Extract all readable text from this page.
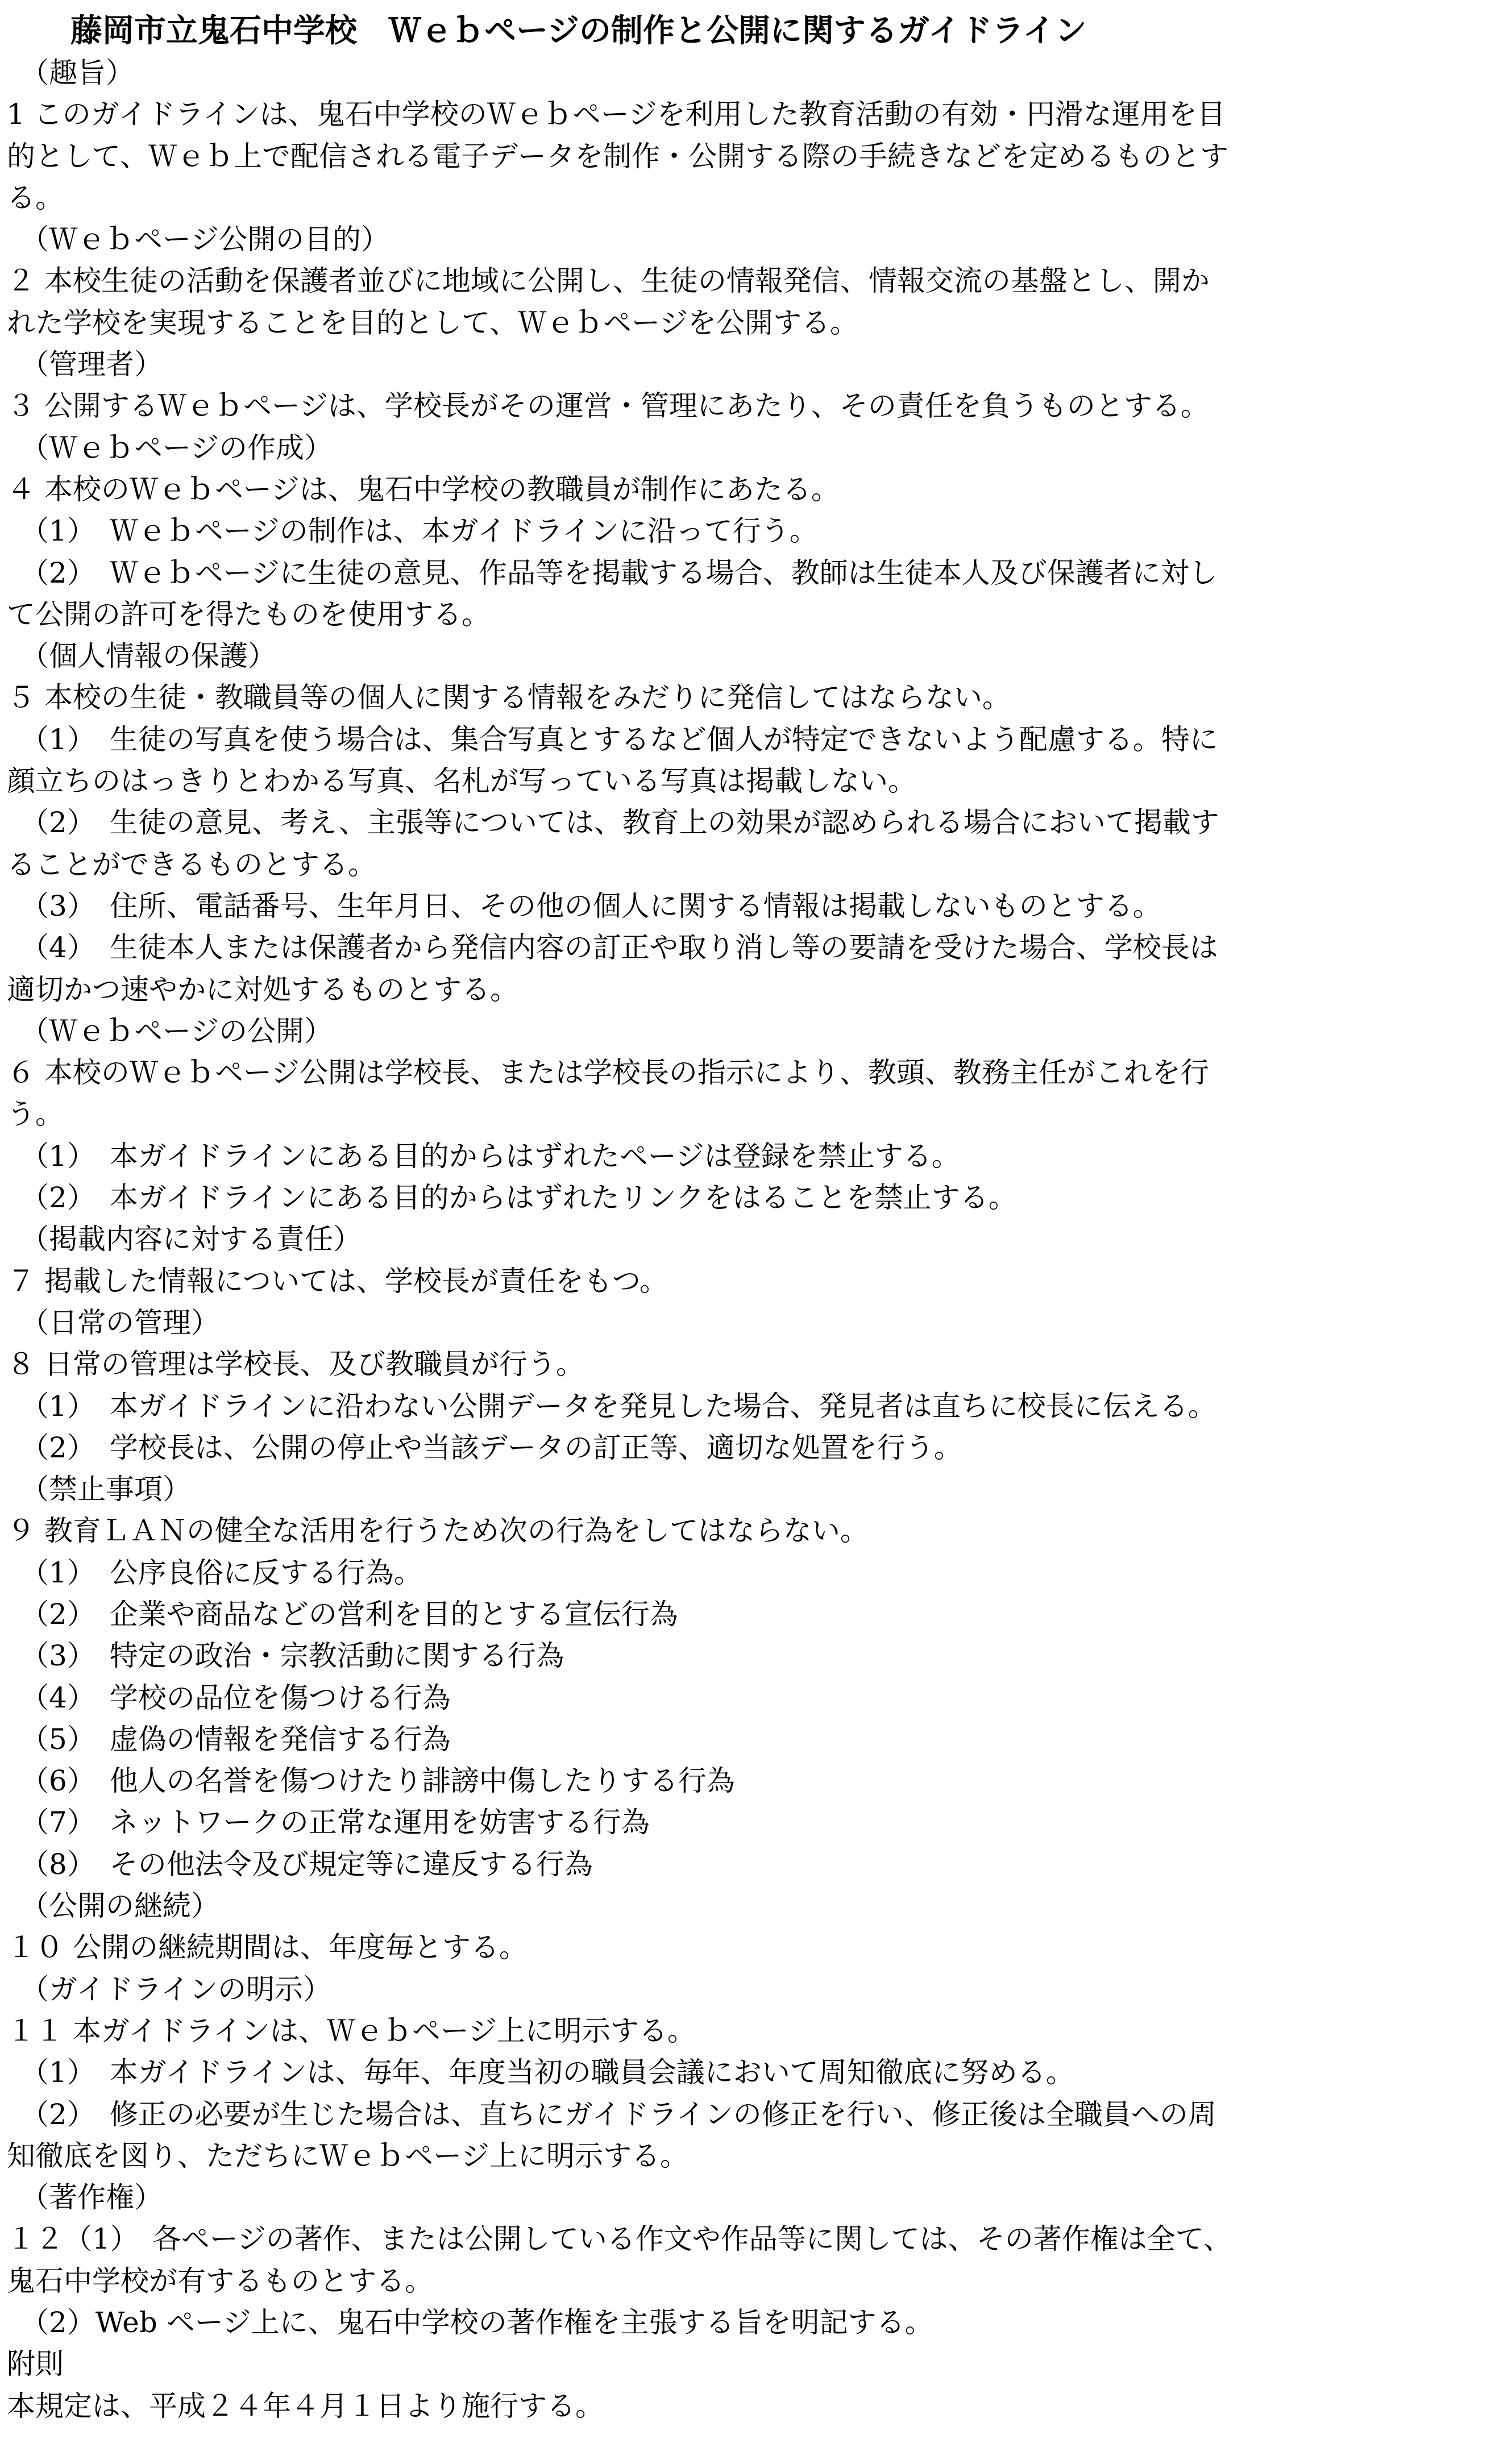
藤岡市立鬼石中学校　Ｗｅｂページの制作と公開に関するガイドライン
（趣旨）
1 このガイドラインは、鬼石中学校のＷｅｂページを利用した教育活動の有効・円滑な運用を目
的として、Ｗｅｂ上で配信される電子データを制作・公開する際の手続きなどを定めるものとす
る。
（Ｗｅｂページ公開の目的）
２ 本校生徒の活動を保護者並びに地域に公開し、生徒の情報発信、情報交流の基盤とし、開か
れた学校を実現することを目的として、Ｗｅｂページを公開する。
（管理者）
３ 公開するＷｅｂページは、学校長がその運営・管理にあたり、その責任を負うものとする。
（Ｗｅｂページの作成）
４ 本校のＷｅｂページは、鬼石中学校の教職員が制作にあたる。
（1）　Ｗｅｂページの制作は、本ガイドラインに沿って行う。
（2）　Ｗｅｂページに生徒の意見、作品等を掲載する場合、教師は生徒本人及び保護者に対し
て公開の許可を得たものを使用する。
（個人情報の保護）
５ 本校の生徒・教職員等の個人に関する情報をみだりに発信してはならない。
（1）　生徒の写真を使う場合は、集合写真とするなど個人が特定できないよう配慮する。特に
顔立ちのはっきりとわかる写真、名札が写っている写真は掲載しない。
（2）　生徒の意見、考え、主張等については、教育上の効果が認められる場合において掲載す
ることができるものとする。
（3）　住所、電話番号、生年月日、その他の個人に関する情報は掲載しないものとする。
（4）　生徒本人または保護者から発信内容の訂正や取り消し等の要請を受けた場合、学校長は
適切かつ速やかに対処するものとする。
（Ｗｅｂページの公開）
６ 本校のＷｅｂページ公開は学校長、または学校長の指示により、教頭、教務主任がこれを行
う。
（1）　本ガイドラインにある目的からはずれたページは登録を禁止する。
（2）　本ガイドラインにある目的からはずれたリンクをはることを禁止する。
（掲載内容に対する責任）
７ 掲載した情報については、学校長が責任をもつ。
（日常の管理）
８ 日常の管理は学校長、及び教職員が行う。
（1）　本ガイドラインに沿わない公開データを発見した場合、発見者は直ちに校長に伝える。
（2）　学校長は、公開の停止や当該データの訂正等、適切な処置を行う。
（禁止事項）
９ 教育ＬＡＮの健全な活用を行うため次の行為をしてはならない。
（1）　公序良俗に反する行為。
（2）　企業や商品などの営利を目的とする宣伝行為
（3）　特定の政治・宗教活動に関する行為
（4）　学校の品位を傷つける行為
（5）　虚偽の情報を発信する行為
（6）　他人の名誉を傷つけたり誹謗中傷したりする行為
（7）　ネットワークの正常な運用を妨害する行為
（8）　その他法令及び規定等に違反する行為
（公開の継続）
１０ 公開の継続期間は、年度毎とする。
（ガイドラインの明示）
１１ 本ガイドラインは、Ｗｅｂページ上に明示する。
（1）　本ガイドラインは、毎年、年度当初の職員会議において周知徹底に努める。
（2）　修正の必要が生じた場合は、直ちにガイドラインの修正を行い、修正後は全職員への周
知徹底を図り、ただちにＷｅｂページ上に明示する。
（著作権）
１２（1）　各ページの著作、または公開している作文や作品等に関しては、その著作権は全て、
鬼石中学校が有するものとする。
（2）Web ページ上に、鬼石中学校の著作権を主張する旨を明記する。
附則
本規定は、平成２４年４月１日より施行する。
